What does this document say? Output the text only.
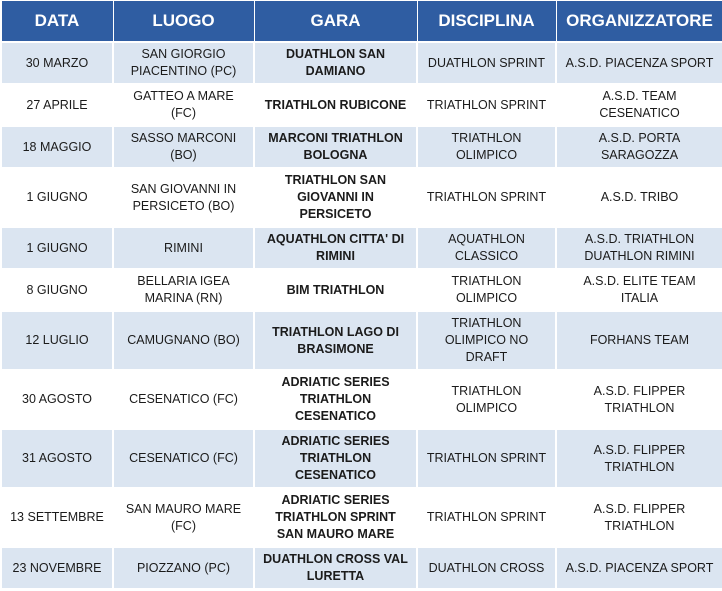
DATA	LUOGO	GARA	DISCIPLINA	ORGANIZZATORE
30 MARZO	SAN GIORGIO PIACENTINO (PC)	DUATHLON SAN DAMIANO	DUATHLON SPRINT	A.S.D. PIACENZA SPORT
27 APRILE	GATTEO A MARE (FC)	TRIATHLON RUBICONE	TRIATHLON SPRINT	A.S.D. TEAM CESENATICO
18 MAGGIO	SASSO MARCONI (BO)	MARCONI TRIATHLON BOLOGNA	TRIATHLON OLIMPICO	A.S.D. PORTA SARAGOZZA
1 GIUGNO	SAN GIOVANNI IN PERSICETO (BO)	TRIATHLON SAN GIOVANNI IN PERSICETO	TRIATHLON SPRINT	A.S.D. TRIBO
1 GIUGNO	RIMINI	AQUATHLON CITTA' DI RIMINI	AQUATHLON CLASSICO	A.S.D. TRIATHLON DUATHLON RIMINI
8 GIUGNO	BELLARIA IGEA MARINA (RN)	BIM TRIATHLON	TRIATHLON OLIMPICO	A.S.D. ELITE TEAM ITALIA
12 LUGLIO	CAMUGNANO (BO)	TRIATHLON LAGO DI BRASIMONE	TRIATHLON OLIMPICO NO DRAFT	FORHANS TEAM
30 AGOSTO	CESENATICO (FC)	ADRIATIC SERIES TRIATHLON CESENATICO	TRIATHLON OLIMPICO	A.S.D. FLIPPER TRIATHLON
31 AGOSTO	CESENATICO (FC)	ADRIATIC SERIES TRIATHLON CESENATICO	TRIATHLON SPRINT	A.S.D. FLIPPER TRIATHLON
13 SETTEMBRE	SAN MAURO MARE (FC)	ADRIATIC SERIES TRIATHLON SPRINT SAN MAURO MARE	TRIATHLON SPRINT	A.S.D. FLIPPER TRIATHLON
23 NOVEMBRE	PIOZZANO (PC)	DUATHLON CROSS VAL LURETTA	DUATHLON CROSS	A.S.D. PIACENZA SPORT
